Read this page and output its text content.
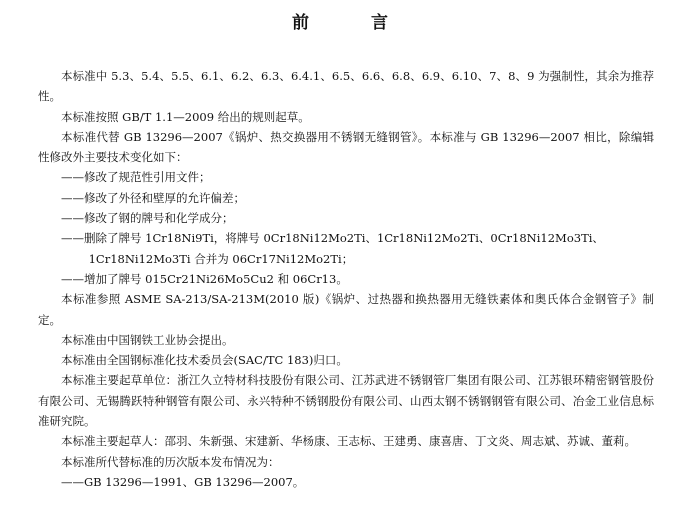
前 言

本标准中 5.3、5.4、5.5、6.1、6.2、6.3、6.4.1、6.5、6.6、6.8、6.9、6.10、7、8、9 为强制性，其余为推荐性。

本标准按照 GB/T 1.1—2009 给出的规则起草。

本标准代替 GB 13296—2007《锅炉、热交换器用不锈钢无缝钢管》。本标准与 GB 13296—2007 相比，除编辑性修改外主要技术变化如下：

——修改了规范性引用文件；

——修改了外径和壁厚的允许偏差；

——修改了钢的牌号和化学成分；

——删除了牌号 1Cr18Ni9Ti，将牌号 0Cr18Ni12Mo2Ti、1Cr18Ni12Mo2Ti、0Cr18Ni12Mo3Ti、

1Cr18Ni12Mo3Ti 合并为 06Cr17Ni12Mo2Ti；

——增加了牌号 015Cr21Ni26Mo5Cu2 和 06Cr13。

本标准参照 ASME SA-213/SA-213M(2010 版)《锅炉、过热器和换热器用无缝铁素体和奥氏体合金钢管子》制定。

本标准由中国钢铁工业协会提出。

本标准由全国钢标准化技术委员会(SAC/TC 183)归口。

本标准主要起草单位：浙江久立特材科技股份有限公司、江苏武进不锈钢管厂集团有限公司、江苏银环精密钢管股份有限公司、无锡腾跃特种钢管有限公司、永兴特种不锈钢股份有限公司、山西太钢不锈钢钢管有限公司、冶金工业信息标准研究院。

本标准主要起草人：邵羽、朱新强、宋建新、华杨康、王志标、王建勇、康喜唐、丁文炎、周志斌、苏诚、董莉。

本标准所代替标准的历次版本发布情况为：

——GB 13296—1991、GB 13296—2007。
